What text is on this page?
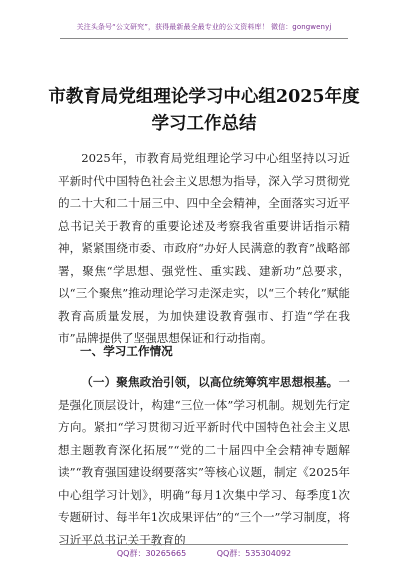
关注头条号“公文研究”，获得最新最全最专业的公文资料库！ 微信：gongwenyj
市教育局党组理论学习中心组2025年度学习工作总结

2025年，市教育局党组理论学习中心组坚持以习近平新时代中国特色社会主义思想为指导，深入学习贯彻党的二十大和二十届三中、四中全会精神，全面落实习近平总书记关于教育的重要论述及考察我省重要讲话指示精神，紧紧围绕市委、市政府“办好人民满意的教育”战略部署，聚焦“学思想、强党性、重实践、建新功”总要求，以“三个聚焦”推动理论学习走深走实，以“三个转化”赋能教育高质量发展，为加快建设教育强市、打造“学在我市”品牌提供了坚强思想保证和行动指南。

一、学习工作情况

（一）聚焦政治引领，以高位统筹筑牢思想根基。一是强化顶层设计，构建“三位一体”学习机制。规划先行定方向。紧扣“学习贯彻习近平新时代中国特色社会主义思想主题教育深化拓展”“党的二十届四中全会精神专题解读”“教育强国建设纲要落实”等核心议题，制定《2025年中心组学习计划》，明确“每月1次集中学习、每季度1次专题研讨、每半年1次成果评估”的“三个一”学习制度，将习近平总书记关于教育的

QQ群：30265665	QQ群：535304092
